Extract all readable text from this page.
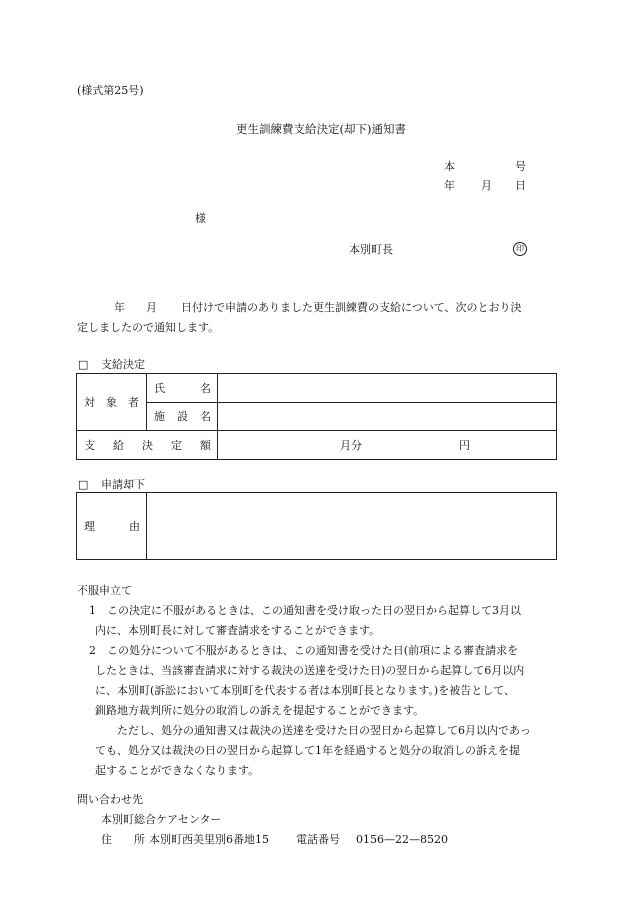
(様式第25号)
更生訓練費支給決定(却下)通知書
本	号
年 月 日
様
本別町長	印
年 月 日付けで申請のありました更生訓練費の支給について、次のとおり決
定しましたので通知します。
□ 支給決定
対　象　者	氏 名	

	施 設 名	

支 給 決 定 額		月分 円
□ 申請却下
理	由

不服申立て
1　この決定に不服があるときは、この通知書を受け取った日の翌日から起算して3月以
内に、本別町長に対して審査請求をすることができます。
2　この処分について不服があるときは、この通知書を受けた日(前項による審査請求を
したときは、当該審査請求に対する裁決の送達を受けた日)の翌日から起算して6月以内
に、本別町(訴訟において本別町を代表する者は本別町長となります。)を被告として、
釧路地方裁判所に処分の取消しの訴えを提起することができます。
ただし、処分の通知書又は裁決の送達を受けた日の翌日から起算して6月以内であっ
ても、処分又は裁決の日の翌日から起算して1年を経過すると処分の取消しの訴えを提
起することができなくなります。
問い合わせ先
本別町総合ケアセンター
住　　所 本別町西美里別6番地15 電話番号 0156—22—8520
